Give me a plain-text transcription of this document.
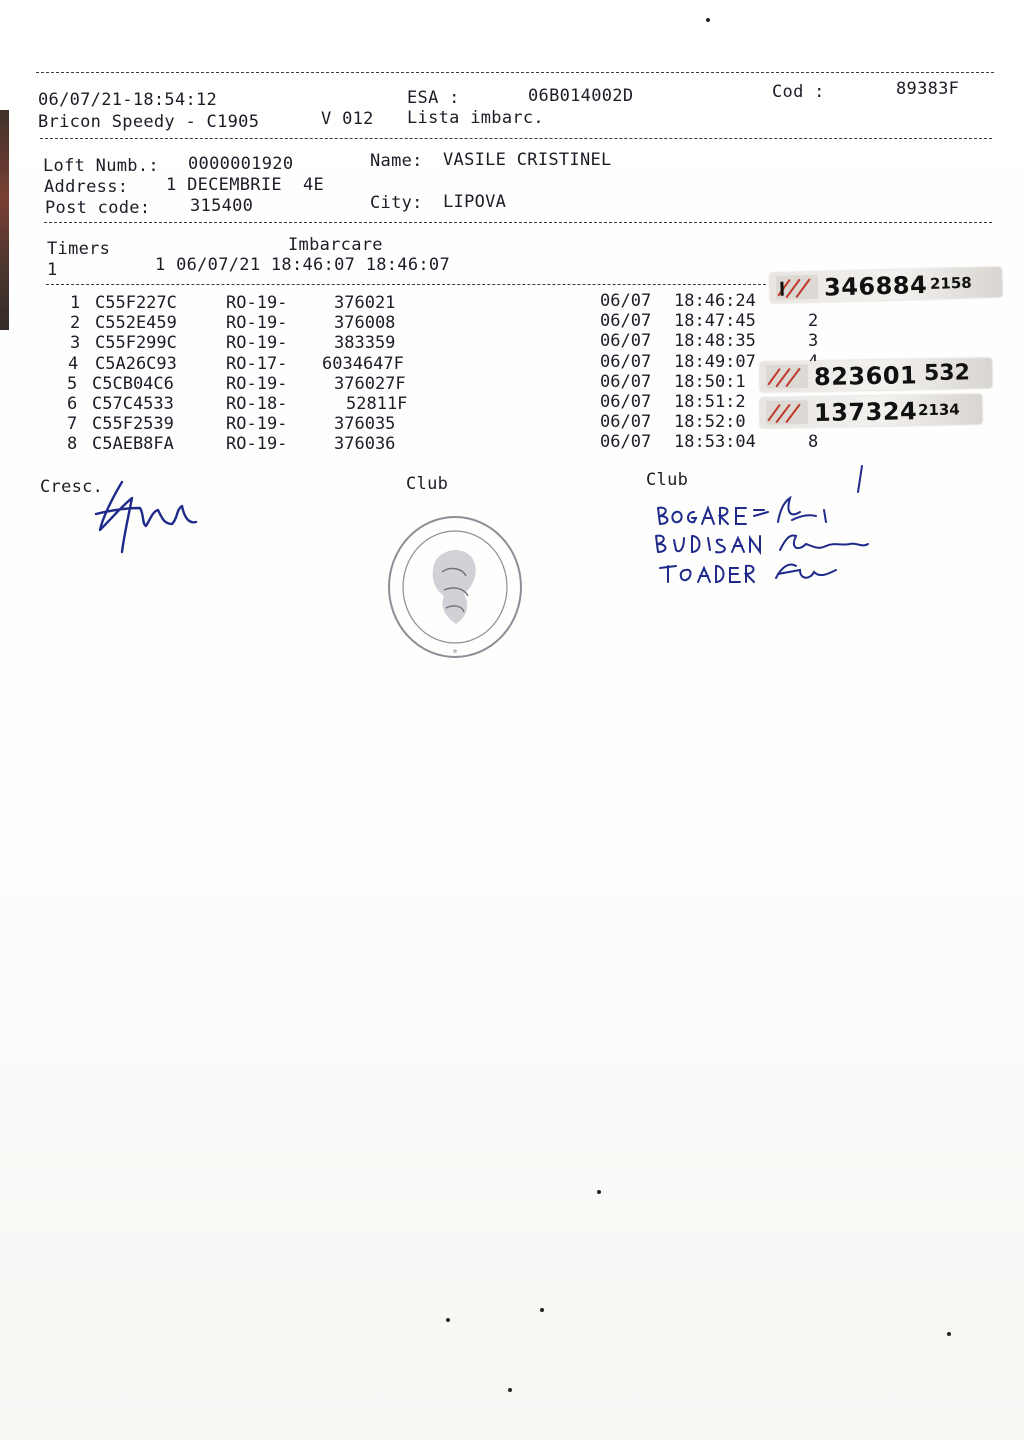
06/07/21-18:54:12	ESA :	06B014002D	Cod :	89383F
Bricon Speedy - C1905	V 012 Lista imbarc.
Loft Numb.: 0000001920	Name: VASILE CRISTINEL
Address: 1 DECEMBRIE  4E
Post code: 315400	City: LIPOVA
Timers	Imbarcare
1	1 06/07/21 18:46:07 18:46:07
1 C55F227C	RO-19-	376021	06/07 18:46:24
2 C552E459	RO-19-	376008	06/07 18:47:45	2
3 C55F299C	RO-19-	383359	06/07 18:48:35	3
4 C5A26C93	RO-17- 6034647F	06/07 18:49:07
5 C5CB04C6	RO-19-	376027F	06/07 18:50:1
6 C57C4533	RO-18-	52811F	06/07 18:51:2
7 C55F2539	RO-19-	376035	06/07 18:52:0
8 C5AEB8FA	RO-19-	376036	06/07 18:53:04	8
346884 2158
823601 532
137324 2134
Cresc.	Club	Club
*
